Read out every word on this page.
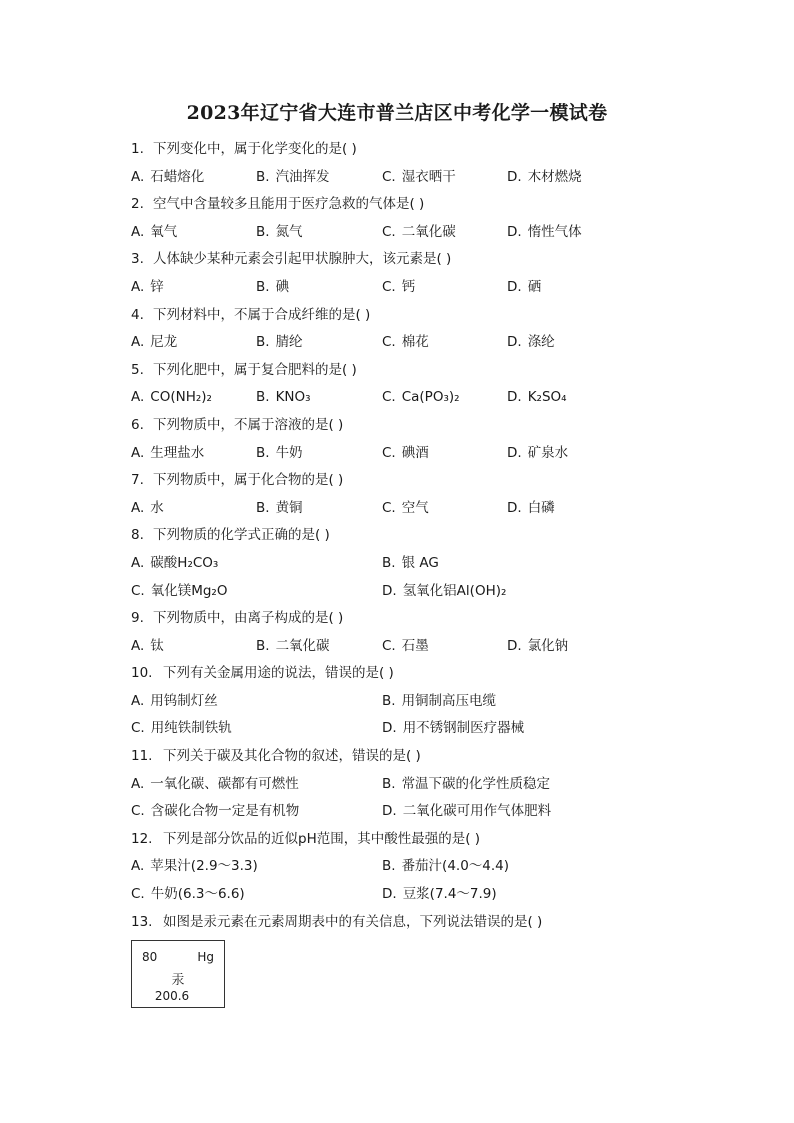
2023年辽宁省大连市普兰店区中考化学一模试卷
1. 下列变化中，属于化学变化的是( )
A. 石蜡熔化	B. 汽油挥发	C. 湿衣晒干	D. 木材燃烧
2. 空气中含量较多且能用于医疗急救的气体是( )
A. 氧气	B. 氮气	C. 二氧化碳	D. 惰性气体
3. 人体缺少某种元素会引起甲状腺肿大，该元素是( )
A. 锌	B. 碘	C. 钙	D. 硒
4. 下列材料中，不属于合成纤维的是( )
A. 尼龙	B. 腈纶	C. 棉花	D. 涤纶
5. 下列化肥中，属于复合肥料的是( )
A. CO(NH₂)₂	B. KNO₃	C. Ca(PO₃)₂	D. K₂SO₄
6. 下列物质中，不属于溶液的是( )
A. 生理盐水	B. 牛奶	C. 碘酒	D. 矿泉水
7. 下列物质中，属于化合物的是( )
A. 水	B. 黄铜	C. 空气	D. 白磷
8. 下列物质的化学式正确的是( )
A. 碳酸H₂CO₃	B. 银 AG
C. 氧化镁Mg₂O	D. 氢氧化铝Al(OH)₂
9. 下列物质中，由离子构成的是( )
A. 钛	B. 二氧化碳	C. 石墨	D. 氯化钠
10. 下列有关金属用途的说法，错误的是( )
A. 用钨制灯丝	B. 用铜制高压电缆
C. 用纯铁制铁轨	D. 用不锈钢制医疗器械
11. 下列关于碳及其化合物的叙述，错误的是( )
A. 一氧化碳、碳都有可燃性	B. 常温下碳的化学性质稳定
C. 含碳化合物一定是有机物	D. 二氧化碳可用作气体肥料
12. 下列是部分饮品的近似pH范围，其中酸性最强的是( )
A. 苹果汁(2.9～3.3)	B. 番茄汁(4.0～4.4)
C. 牛奶(6.3～6.6)	D. 豆浆(7.4～7.9)
13. 如图是汞元素在元素周期表中的有关信息，下列说法错误的是( )
80	Hg
汞
200.6
